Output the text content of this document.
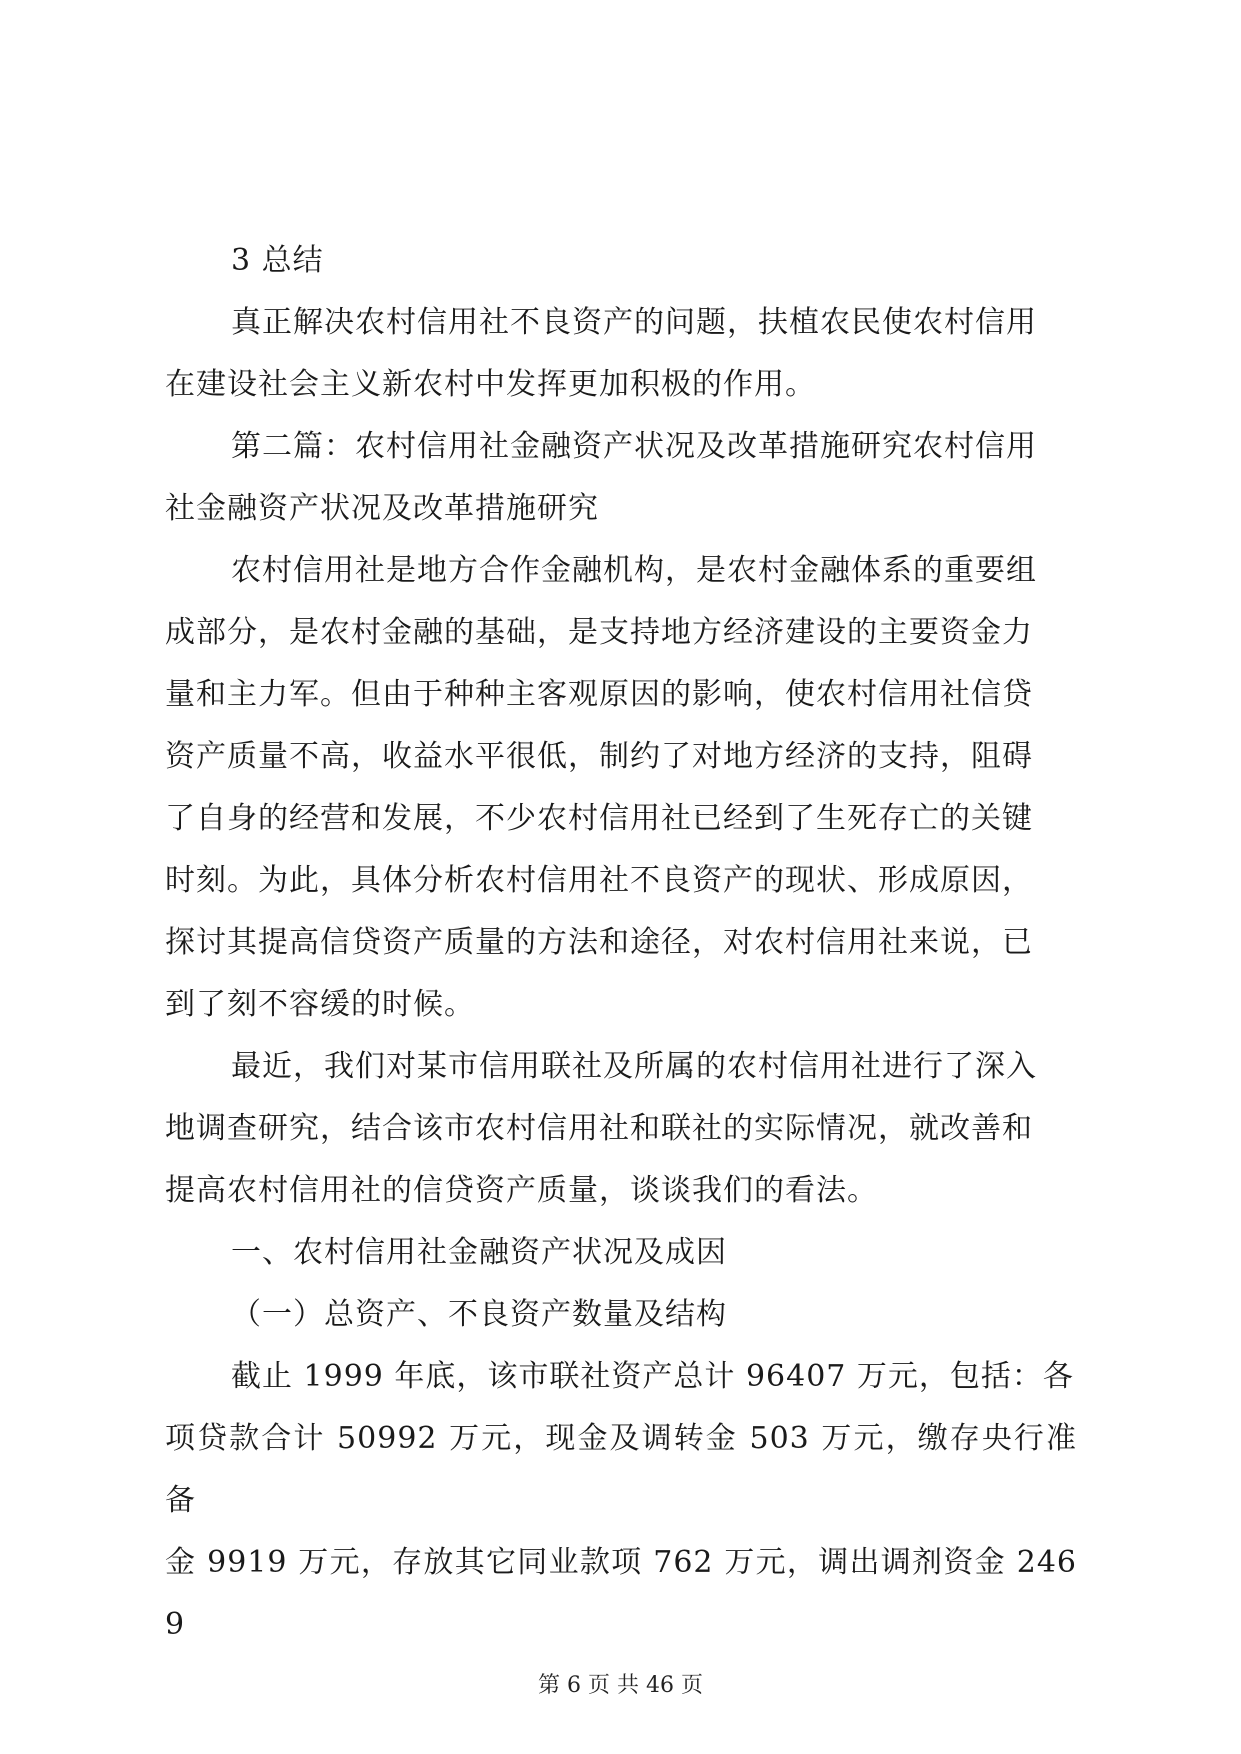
3 总结

真正解决农村信用社不良资产的问题，扶植农民使农村信用
在建设社会主义新农村中发挥更加积极的作用。

第二篇：农村信用社金融资产状况及改革措施研究农村信用
社金融资产状况及改革措施研究

农村信用社是地方合作金融机构，是农村金融体系的重要组
成部分，是农村金融的基础，是支持地方经济建设的主要资金力
量和主力军。但由于种种主客观原因的影响，使农村信用社信贷
资产质量不高，收益水平很低，制约了对地方经济的支持，阻碍
了自身的经营和发展，不少农村信用社已经到了生死存亡的关键
时刻。为此，具体分析农村信用社不良资产的现状、形成原因，
探讨其提高信贷资产质量的方法和途径，对农村信用社来说，已
到了刻不容缓的时候。

最近，我们对某市信用联社及所属的农村信用社进行了深入
地调查研究，结合该市农村信用社和联社的实际情况，就改善和
提高农村信用社的信贷资产质量，谈谈我们的看法。

一、农村信用社金融资产状况及成因

（一）总资产、不良资产数量及结构

截止 1999 年底，该市联社资产总计 96407 万元，包括：各
项贷款合计 50992 万元，现金及调转金 503 万元，缴存央行准备
金 9919 万元，存放其它同业款项 762 万元，调出调剂资金 2469

第 6 页 共 46 页
